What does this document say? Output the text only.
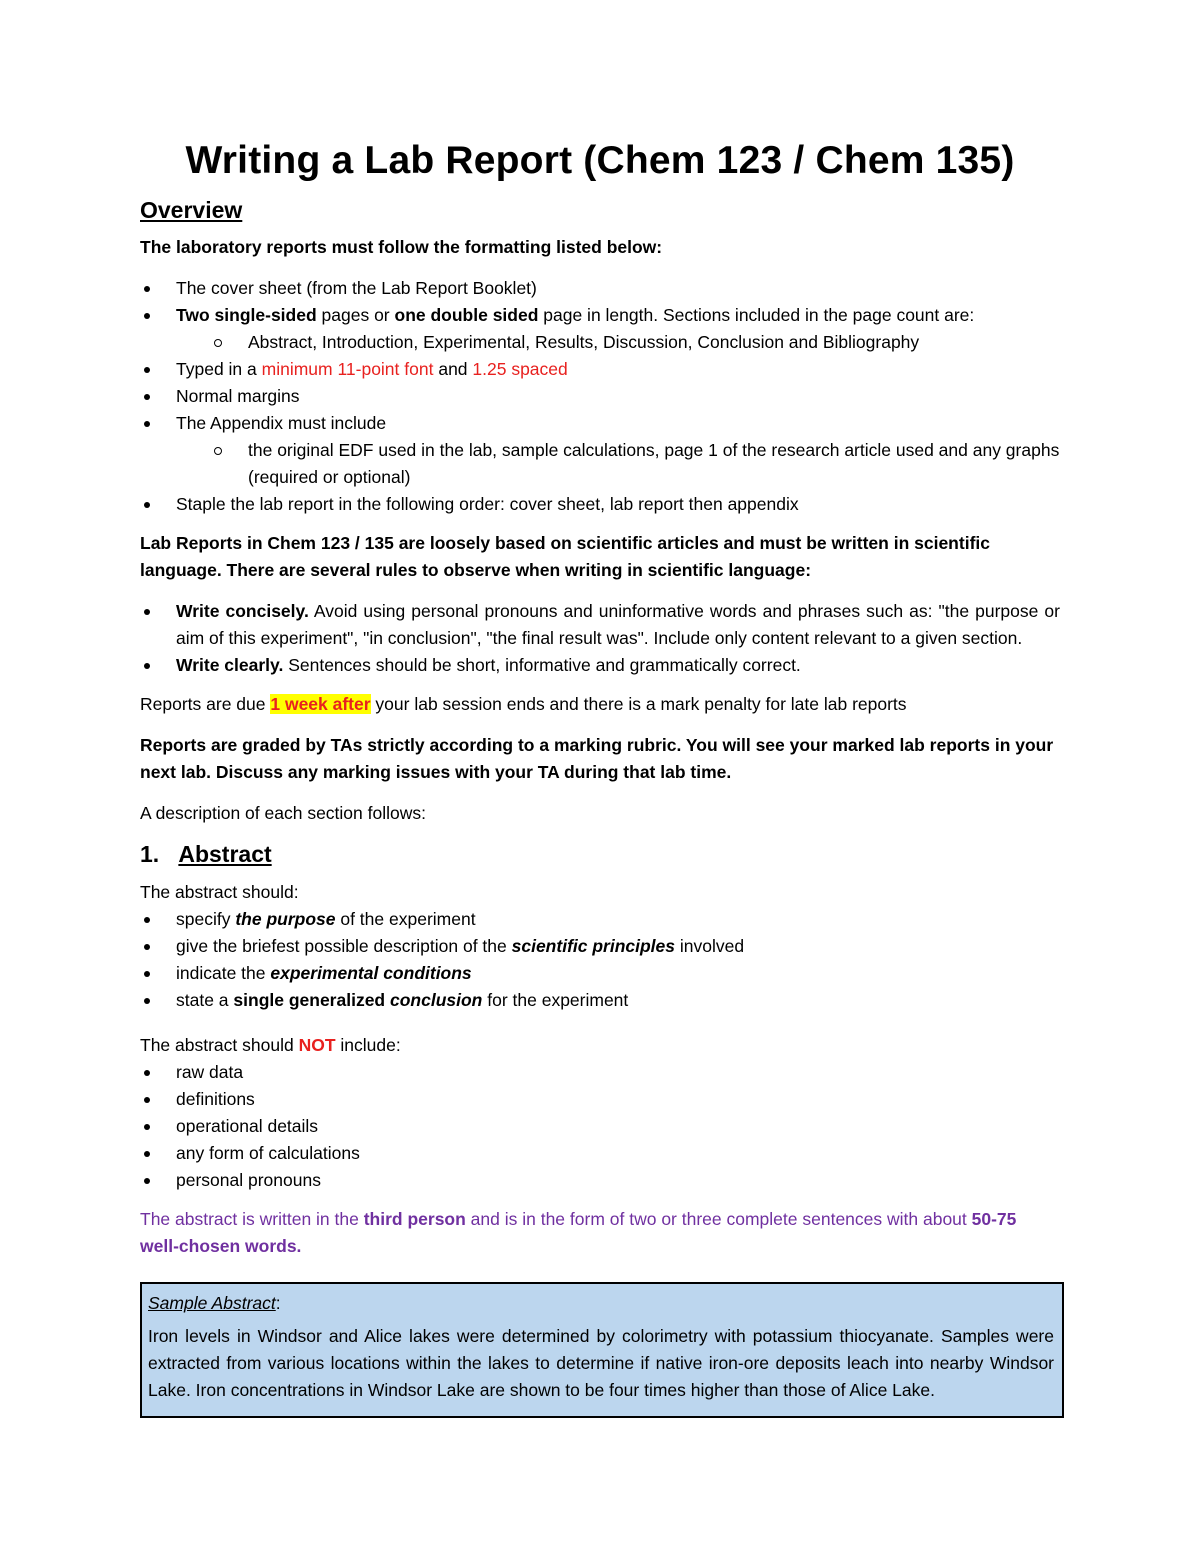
Writing a Lab Report (Chem 123 / Chem 135)
Overview

The laboratory reports must follow the formatting listed below:

The cover sheet (from the Lab Report Booklet)
Two single-sided pages or one double sided page in length. Sections included in the page count are:
Abstract, Introduction, Experimental, Results, Discussion, Conclusion and Bibliography
Typed in a minimum 11-point font and 1.25 spaced
Normal margins
The Appendix must include
the original EDF used in the lab, sample calculations, page 1 of the research article used and any graphs (required or optional)
Staple the lab report in the following order: cover sheet, lab report then appendix

Lab Reports in Chem 123 / 135 are loosely based on scientific articles and must be written in scientific language. There are several rules to observe when writing in scientific language:

Write concisely. Avoid using personal pronouns and uninformative words and phrases such as: "the purpose or aim of this experiment", "in conclusion", "the final result was". Include only content relevant to a given section.
Write clearly. Sentences should be short, informative and grammatically correct.

Reports are due 1 week after your lab session ends and there is a mark penalty for late lab reports

Reports are graded by TAs strictly according to a marking rubric. You will see your marked lab reports in your next lab. Discuss any marking issues with your TA during that lab time.

A description of each section follows:

1. Abstract

The abstract should:

specify the purpose of the experiment
give the briefest possible description of the scientific principles involved
indicate the experimental conditions
state a single generalized conclusion for the experiment

The abstract should NOT include:

raw data
definitions
operational details
any form of calculations
personal pronouns

The abstract is written in the third person and is in the form of two or three complete sentences with about 50-75 well-chosen words.

Sample Abstract:

Iron levels in Windsor and Alice lakes were determined by colorimetry with potassium thiocyanate. Samples were extracted from various locations within the lakes to determine if native iron-ore deposits leach into nearby Windsor Lake. Iron concentrations in Windsor Lake are shown to be four times higher than those of Alice Lake.
